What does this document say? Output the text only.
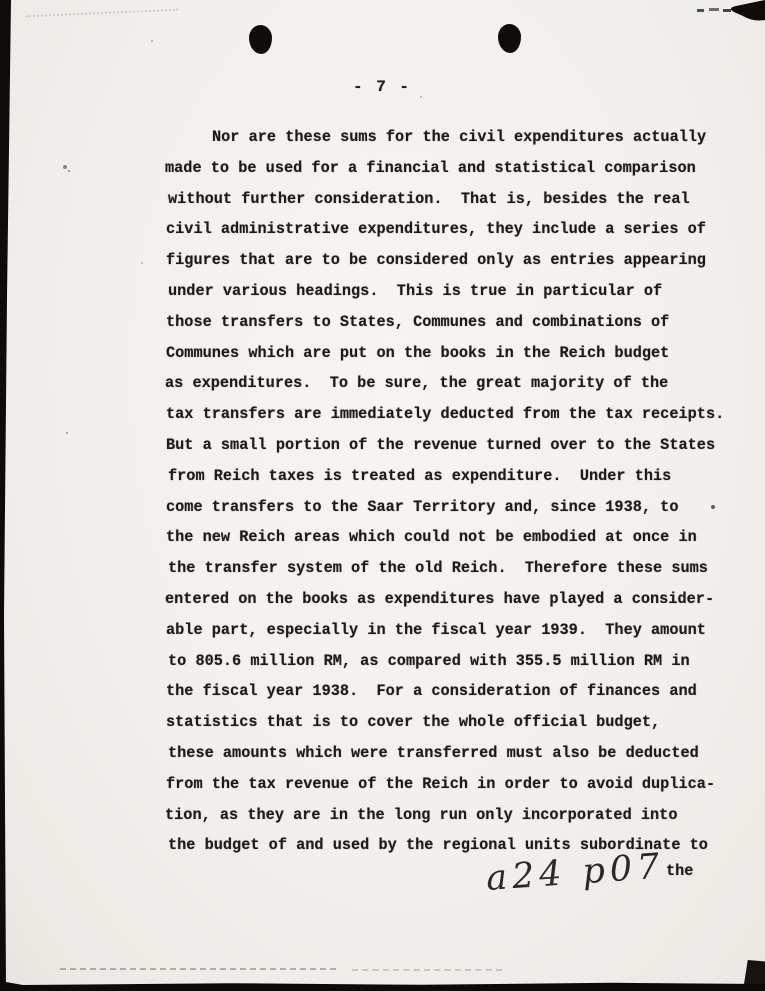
- 7 -
Nor are these sums for the civil expenditures actually
made to be used for a financial and statistical comparison
without further consideration.  That is, besides the real
civil administrative expenditures, they include a series of
figures that are to be considered only as entries appearing
under various headings.  This is true in particular of
those transfers to States, Communes and combinations of
Communes which are put on the books in the Reich budget
as expenditures.  To be sure, the great majority of the
tax transfers are immediately deducted from the tax receipts.
But a small portion of the revenue turned over to the States
from Reich taxes is treated as expenditure.  Under this
come transfers to the Saar Territory and, since 1938, to
the new Reich areas which could not be embodied at once in
the transfer system of the old Reich.  Therefore these sums
entered on the books as expenditures have played a consider-
able part, especially in the fiscal year 1939.  They amount
to 805.6 million RM, as compared with 355.5 million RM in
the fiscal year 1938.  For a consideration of finances and
statistics that is to cover the whole official budget,
these amounts which were transferred must also be deducted
from the tax revenue of the Reich in order to avoid duplica-
tion, as they are in the long run only incorporated into
the budget of and used by the regional units subordinate to
a24 p07 the
